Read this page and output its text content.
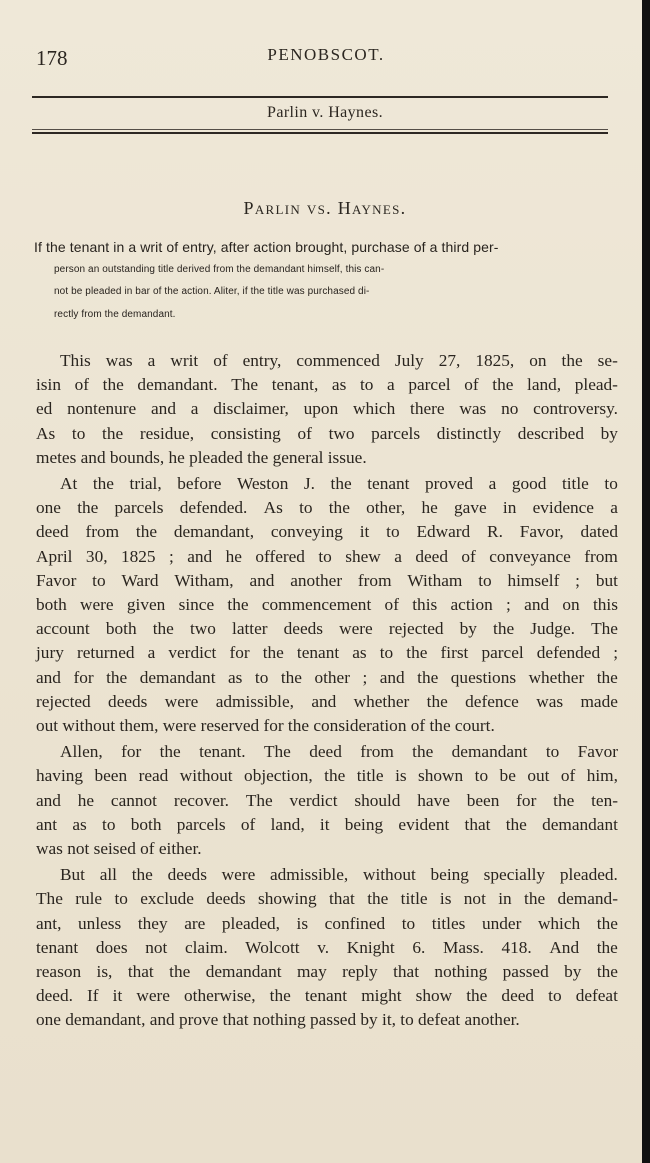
178	PENOBSCOT.
Parlin v. Haynes.
Parlin vs. Haynes.
If the tenant in a writ of entry, after action brought, purchase of a third per-
person an outstanding title derived from the demandant himself, this can-
not be pleaded in bar of the action. Aliter, if the title was purchased di-
rectly from the demandant.
This was a writ of entry, commenced July 27, 1825, on the se-
isin of the demandant. The tenant, as to a parcel of the land, plead-
ed nontenure and a disclaimer, upon which there was no controversy.
As to the residue, consisting of two parcels distinctly described by
metes and bounds, he pleaded the general issue.
At the trial, before Weston J. the tenant proved a good title to
one the parcels defended. As to the other, he gave in evidence a
deed from the demandant, conveying it to Edward R. Favor, dated
April 30, 1825 ; and he offered to shew a deed of conveyance from
Favor to Ward Witham, and another from Witham to himself ; but
both were given since the commencement of this action ; and on this
account both the two latter deeds were rejected by the Judge. The
jury returned a verdict for the tenant as to the first parcel defended ;
and for the demandant as to the other ; and the questions whether the
rejected deeds were admissible, and whether the defence was made
out without them, were reserved for the consideration of the court.
Allen, for the tenant. The deed from the demandant to Favor
having been read without objection, the title is shown to be out of him,
and he cannot recover. The verdict should have been for the ten-
ant as to both parcels of land, it being evident that the demandant
was not seised of either.
But all the deeds were admissible, without being specially pleaded.
The rule to exclude deeds showing that the title is not in the demand-
ant, unless they are pleaded, is confined to titles under which the
tenant does not claim. Wolcott v. Knight 6. Mass. 418. And the
reason is, that the demandant may reply that nothing passed by the
deed. If it were otherwise, the tenant might show the deed to defeat
one demandant, and prove that nothing passed by it, to defeat another.
